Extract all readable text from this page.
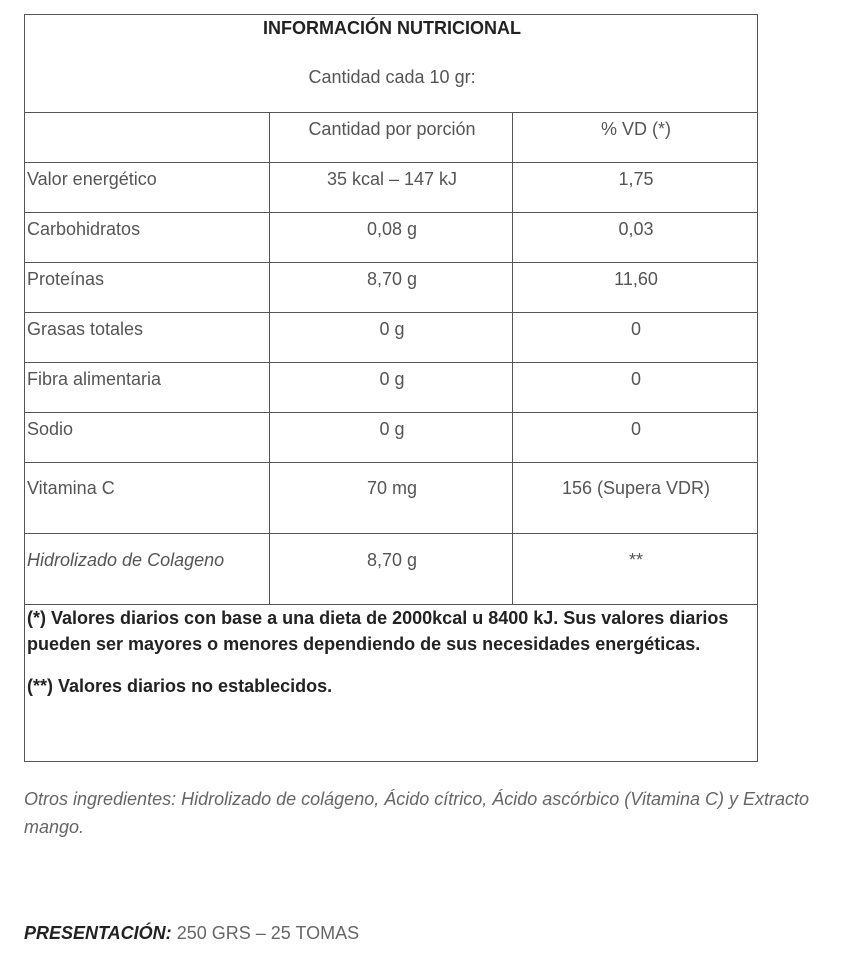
INFORMACIÓN NUTRICIONAL
Cantidad cada 10 gr:		

	Cantidad por porción	% VD (*)
Valor energético	35 kcal – 147 kJ	1,75
Carbohidratos	0,08 g	0,03
Proteínas	8,70 g	11,60
Grasas totales	0 g	0
Fibra alimentaria	0 g	0
Sodio	0 g	0
Vitamina C	70 mg	156 (Supera VDR)
Hidrolizado de Colageno	8,70 g	**

(*) Valores diarios con base a una dieta de 2000kcal u 8400 kJ. Sus valores diarios pueden ser mayores o menores dependiendo de sus necesidades energéticas.

(**) Valores diarios no establecidos.		

Otros ingredientes: Hidrolizado de colágeno, Ácido cítrico, Ácido ascórbico (Vitamina C) y Extracto mango.

PRESENTACIÓN: 250 GRS – 25 TOMAS
